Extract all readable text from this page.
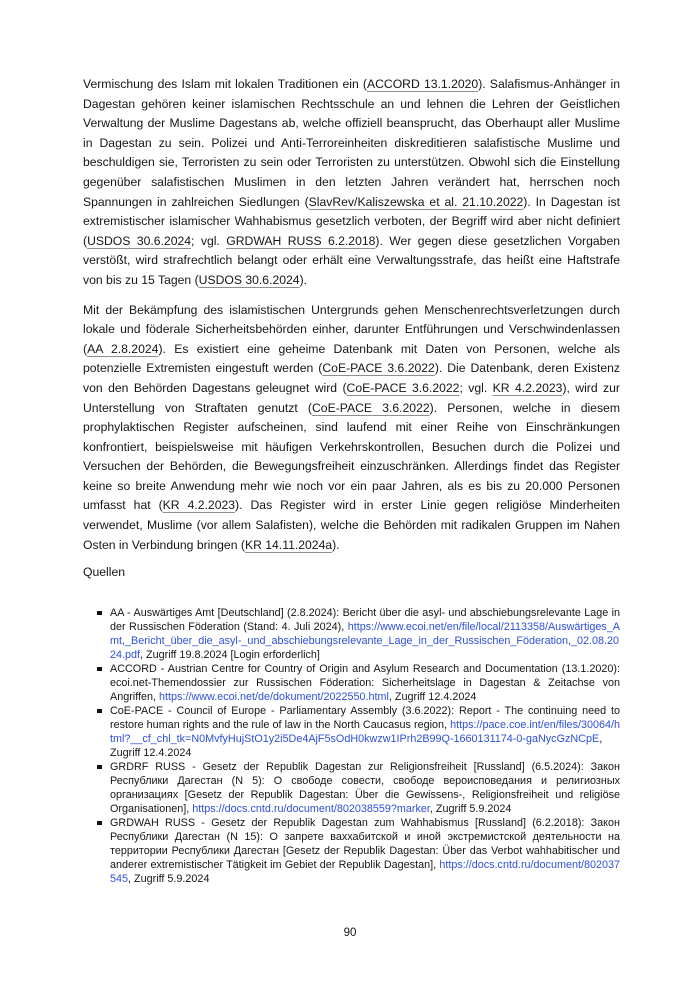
Vermischung des Islam mit lokalen Traditionen ein (ACCORD 13.1.2020). Salafismus-Anhänger in Dagestan gehören keiner islamischen Rechtsschule an und lehnen die Lehren der Geistlichen Verwaltung der Muslime Dagestans ab, welche offiziell beansprucht, das Oberhaupt aller Muslime in Dagestan zu sein. Polizei und Anti-Terroreinheiten diskreditieren salafistische Muslime und beschuldigen sie, Terroristen zu sein oder Terroristen zu unterstützen. Obwohl sich die Einstellung gegenüber salafistischen Muslimen in den letzten Jahren verändert hat, herrschen noch Spannungen in zahlreichen Siedlungen (SlavRev/Kaliszewska et al. 21.10.2022). In Dagestan ist extremistischer islamischer Wahhabismus gesetzlich verboten, der Begriff wird aber nicht definiert (USDOS 30.6.2024; vgl. GRDWAH RUSS 6.2.2018). Wer gegen diese gesetzlichen Vorgaben verstößt, wird strafrechtlich belangt oder erhält eine Verwaltungsstrafe, das heißt eine Haftstrafe von bis zu 15 Tagen (USDOS 30.6.2024).

Mit der Bekämpfung des islamistischen Untergrunds gehen Menschenrechtsverletzungen durch lokale und föderale Sicherheitsbehörden einher, darunter Entführungen und Verschwindenlassen (AA 2.8.2024). Es existiert eine geheime Datenbank mit Daten von Personen, welche als potenzielle Extremisten eingestuft werden (CoE-PACE 3.6.2022). Die Datenbank, deren Existenz von den Behörden Dagestans geleugnet wird (CoE-PACE 3.6.2022; vgl. KR 4.2.2023), wird zur Unterstellung von Straftaten genutzt (CoE-PACE 3.6.2022). Personen, welche in diesem prophylaktischen Register aufscheinen, sind laufend mit einer Reihe von Einschränkungen konfrontiert, beispielsweise mit häufigen Verkehrskontrollen, Besuchen durch die Polizei und Versuchen der Behörden, die Bewegungsfreiheit einzuschränken. Allerdings findet das Register keine so breite Anwendung mehr wie noch vor ein paar Jahren, als es bis zu 20.000 Personen umfasst hat (KR 4.2.2023). Das Register wird in erster Linie gegen religiöse Minderheiten verwendet, Muslime (vor allem Salafisten), welche die Behörden mit radikalen Gruppen im Nahen Osten in Verbindung bringen (KR 14.11.2024a).

Quellen
AA - Auswärtiges Amt [Deutschland] (2.8.2024): Bericht über die asyl- und abschiebungsrelevante Lage in der Russischen Föderation (Stand: 4. Juli 2024), https://www.ecoi.net/en/file/local/2113358/Auswärtiges_Amt,_Bericht_über_die_asyl-_und_abschiebungsrelevante_Lage_in_der_Russischen_Föderation,_02.08.2024.pdf, Zugriff 19.8.2024 [Login erforderlich]
ACCORD - Austrian Centre for Country of Origin and Asylum Research and Documentation (13.1.2020): ecoi.net-Themendossier zur Russischen Föderation: Sicherheitslage in Dagestan & Zeitachse von Angriffen, https://www.ecoi.net/de/dokument/2022550.html, Zugriff 12.4.2024
CoE-PACE - Council of Europe - Parliamentary Assembly (3.6.2022): Report - The continuing need to restore human rights and the rule of law in the North Caucasus region, https://pace.coe.int/en/files/30064/html?__cf_chl_tk=N0MvfyHujStO1y2i5De4AjF5sOdH0kwzw1IPrh2B99Q-1660131174-0-gaNycGzNCpE, Zugriff 12.4.2024
GRDRF RUSS - Gesetz der Republik Dagestan zur Religionsfreiheit [Russland] (6.5.2024): Закон Республики Дагестан (N 5): О свободе совести, свободе вероисповедания и религиозных организациях [Gesetz der Republik Dagestan: Über die Gewissens-, Religionsfreiheit und religiöse Organisationen], https://docs.cntd.ru/document/802038559?marker, Zugriff 5.9.2024
GRDWAH RUSS - Gesetz der Republik Dagestan zum Wahhabismus [Russland] (6.2.2018): Закон Республики Дагестан (N 15): О запрете ваххабитской и иной экстремистской деятельности на территории Республики Дагестан [Gesetz der Republik Dagestan: Über das Verbot wahhabitischer und anderer extremistischer Tätigkeit im Gebiet der Republik Dagestan], https://docs.cntd.ru/document/802037545, Zugriff 5.9.2024
90
